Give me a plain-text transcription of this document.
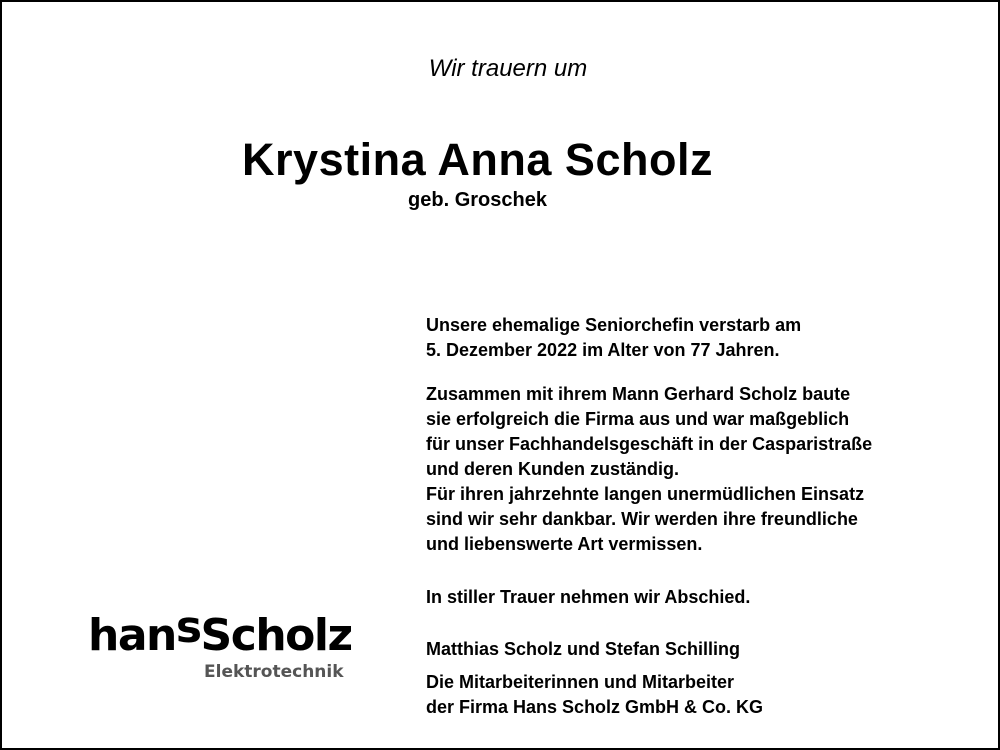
Wir trauern um
Krystina Anna Scholz
geb. Groschek

Unsere ehemalige Seniorchefin verstarb am
5. Dezember 2022 im Alter von 77 Jahren.

Zusammen mit ihrem Mann Gerhard Scholz baute
sie erfolgreich die Firma aus und war maßgeblich
für unser Fachhandelsgeschäft in der Casparistraße
und deren Kunden zuständig.
Für ihren jahrzehnte langen unermüdlichen Einsatz
sind wir sehr dankbar. Wir werden ihre freundliche
und liebenswerte Art vermissen.

In stiller Trauer nehmen wir Abschied.

Matthias Scholz und Stefan Schilling

Die Mitarbeiterinnen und Mitarbeiter
der Firma Hans Scholz GmbH & Co. KG

hansScholz
Elektrotechnik
